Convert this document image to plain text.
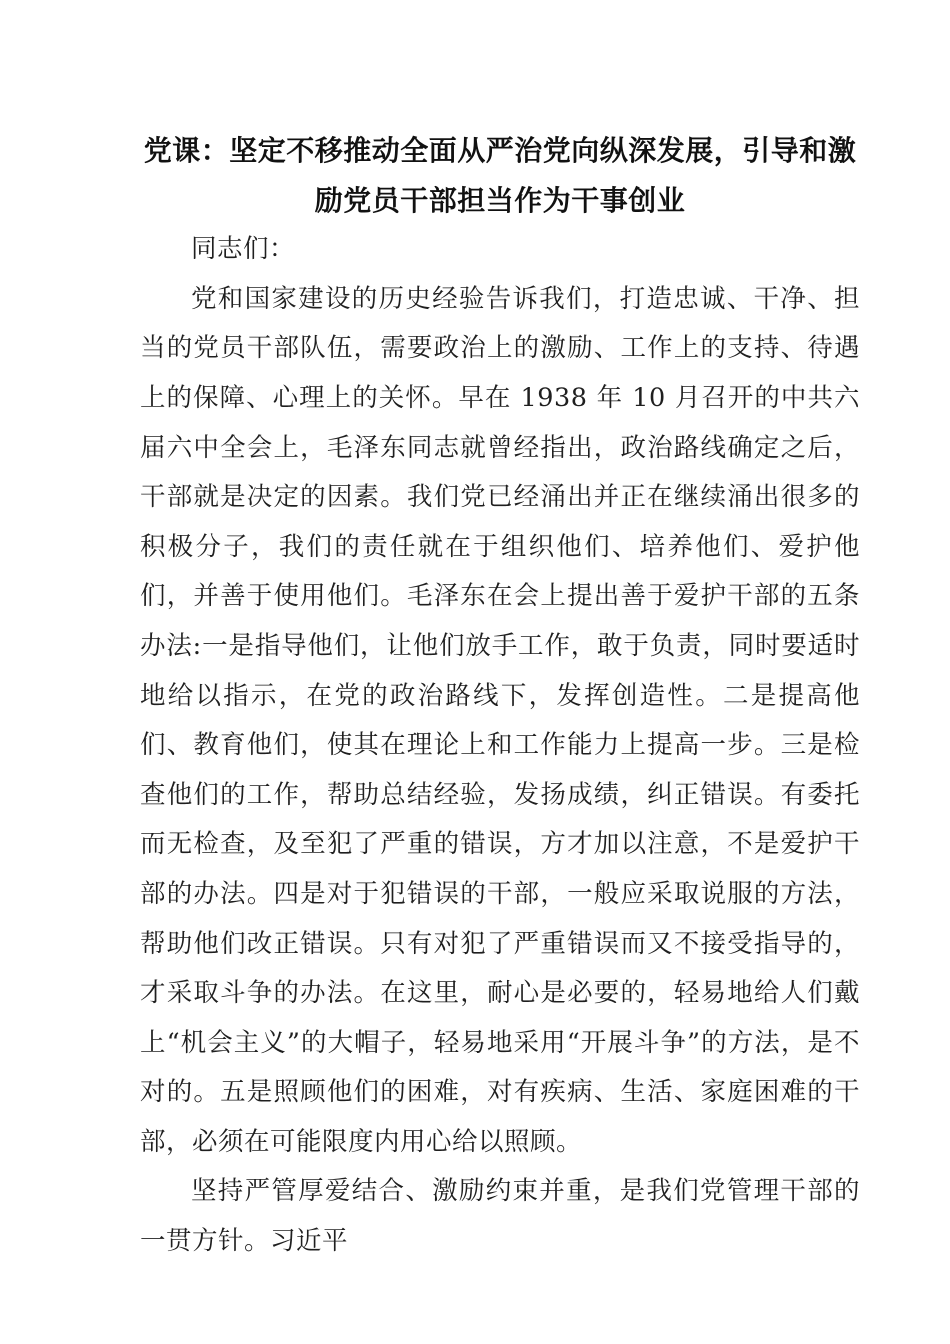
党课：坚定不移推动全面从严治党向纵深发展，引导和激励党员干部担当作为干事创业

同志们：

党和国家建设的历史经验告诉我们，打造忠诚、干净、担当的党员干部队伍，需要政治上的激励、工作上的支持、待遇上的保障、心理上的关怀。早在 1938 年 10 月召开的中共六届六中全会上，毛泽东同志就曾经指出，政治路线确定之后，干部就是决定的因素。我们党已经涌出并正在继续涌出很多的积极分子，我们的责任就在于组织他们、培养他们、爱护他们，并善于使用他们。毛泽东在会上提出善于爱护干部的五条办法:一是指导他们，让他们放手工作，敢于负责，同时要适时地给以指示，在党的政治路线下，发挥创造性。二是提高他们、教育他们，使其在理论上和工作能力上提高一步。三是检查他们的工作，帮助总结经验，发扬成绩，纠正错误。有委托而无检查，及至犯了严重的错误，方才加以注意，不是爱护干部的办法。四是对于犯错误的干部，一般应采取说服的方法，帮助他们改正错误。只有对犯了严重错误而又不接受指导的，才采取斗争的办法。在这里，耐心是必要的，轻易地给人们戴上“机会主义”的大帽子，轻易地采用“开展斗争”的方法，是不对的。五是照顾他们的困难，对有疾病、生活、家庭困难的干部，必须在可能限度内用心给以照顾。

坚持严管厚爱结合、激励约束并重，是我们党管理干部的一贯方针。习近平
